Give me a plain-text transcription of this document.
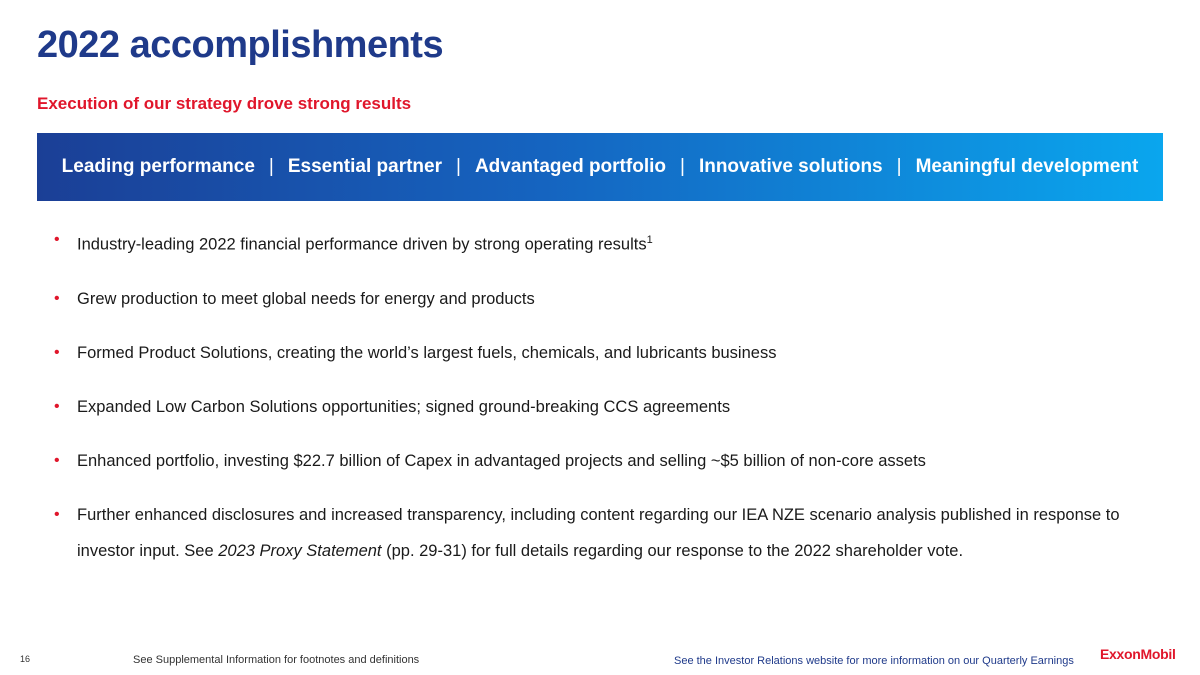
2022 accomplishments
Execution of our strategy drove strong results
Leading performance | Essential partner | Advantaged portfolio | Innovative solutions | Meaningful development
• Industry-leading 2022 financial performance driven by strong operating results$^1$
• Grew production to meet global needs for energy and products
• Formed Product Solutions, creating the world’s largest fuels, chemicals, and lubricants business
• Expanded Low Carbon Solutions opportunities; signed ground-breaking CCS agreements
• Enhanced portfolio, investing $22.7 billion of Capex in advantaged projects and selling ~$5 billion of non-core assets
• Further enhanced disclosures and increased transparency, including content regarding our IEA NZE scenario analysis published in response to investor input. See 2023 Proxy Statement (pp. 29-31) for full details regarding our response to the 2022 shareholder vote.
16	See Supplemental Information for footnotes and definitions	See the Investor Relations website for more information on our Quarterly Earnings ExxonMobil
